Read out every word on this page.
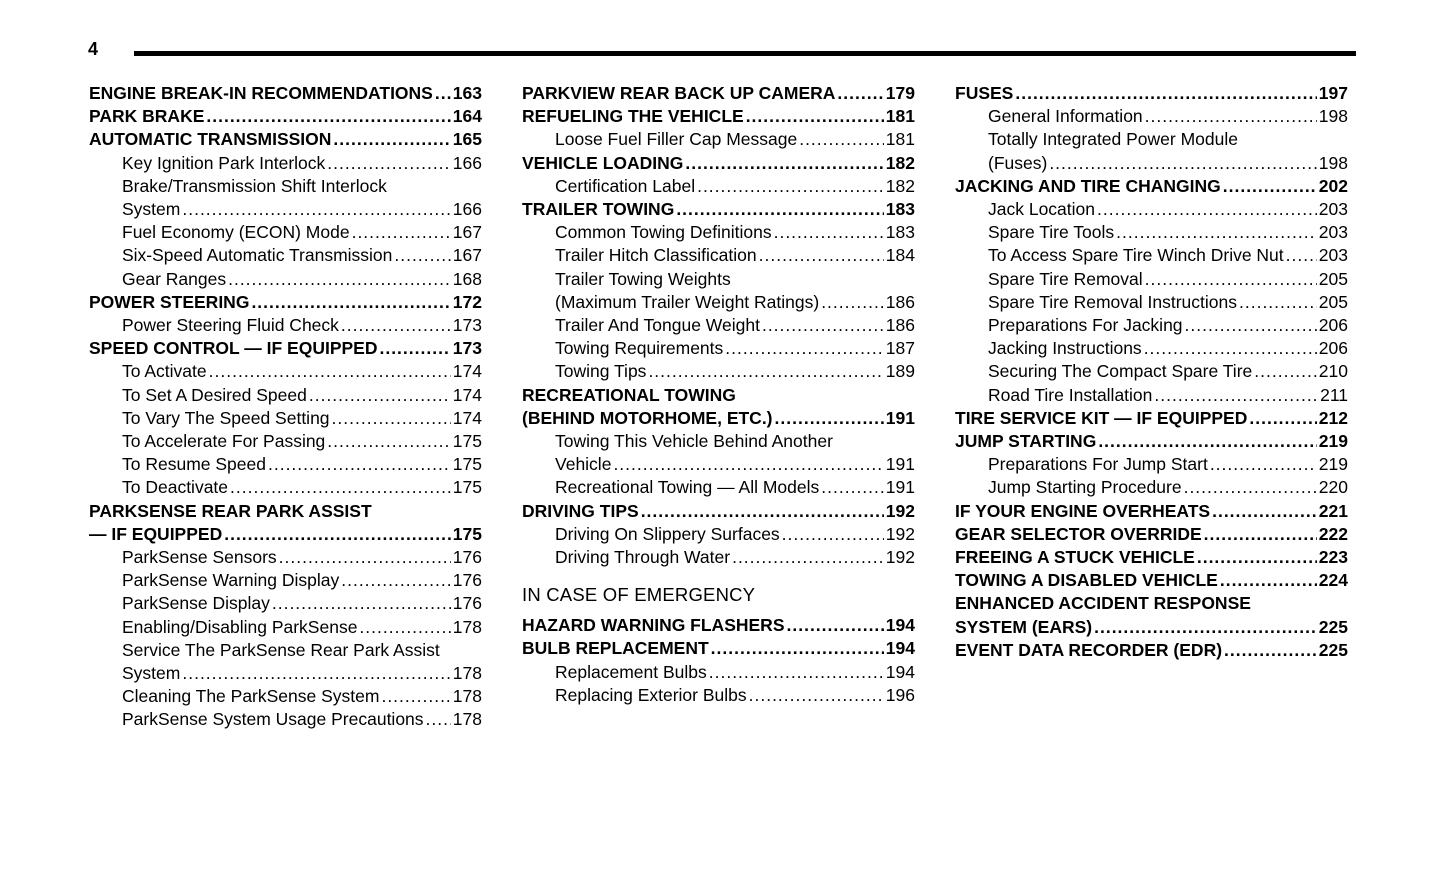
4
ENGINE BREAK-IN RECOMMENDATIONS ..... 163
PARK BRAKE .....	164
AUTOMATIC TRANSMISSION .....	165
Key Ignition Park Interlock .....	166
Brake/Transmission Shift Interlock
System .....	166
Fuel Economy (ECON) Mode .....	167
Six-Speed Automatic Transmission .....	167
Gear Ranges .....	168
POWER STEERING .....	172
Power Steering Fluid Check .....	173
SPEED CONTROL — IF EQUIPPED .....	173
To Activate .....	174
To Set A Desired Speed .....	174
To Vary The Speed Setting .....	174
To Accelerate For Passing .....	175
To Resume Speed .....	175
To Deactivate .....	175
PARKSENSE REAR PARK ASSIST
— IF EQUIPPED .....	175
ParkSense Sensors .....	176
ParkSense Warning Display .....	176
ParkSense Display .....	176
Enabling/Disabling ParkSense .....	178
Service The ParkSense Rear Park Assist
System .....	178
Cleaning The ParkSense System .....	178
ParkSense System Usage Precautions ..... 178
PARKVIEW REAR BACK UP CAMERA .....	179
REFUELING THE VEHICLE .....	181
Loose Fuel Filler Cap Message .....	181
VEHICLE LOADING .....	182
Certification Label .....	182
TRAILER TOWING .....	183
Common Towing Definitions .....	183
Trailer Hitch Classification .....	184
Trailer Towing Weights
(Maximum Trailer Weight Ratings) .....	186
Trailer And Tongue Weight .....	186
Towing Requirements .....	187
Towing Tips .....	189
RECREATIONAL TOWING
(BEHIND MOTORHOME, ETC.) .....	191
Towing This Vehicle Behind Another
Vehicle .....	191
Recreational Towing — All Models .....	191
DRIVING TIPS .....	192
Driving On Slippery Surfaces .....	192
Driving Through Water .....	192
IN CASE OF EMERGENCY
HAZARD WARNING FLASHERS .....	194
BULB REPLACEMENT .....	194
Replacement Bulbs .....	194
Replacing Exterior Bulbs .....	196
FUSES .....	197
General Information .....	198
Totally Integrated Power Module
(Fuses) .....	198
JACKING AND TIRE CHANGING .....	202
Jack Location .....	203
Spare Tire Tools .....	203
To Access Spare Tire Winch Drive Nut ..... 203
Spare Tire Removal .....	205
Spare Tire Removal Instructions .....	205
Preparations For Jacking .....	206
Jacking Instructions .....	206
Securing The Compact Spare Tire .....	210
Road Tire Installation .....	211
TIRE SERVICE KIT — IF EQUIPPED .....	212
JUMP STARTING .....	219
Preparations For Jump Start .....	219
Jump Starting Procedure .....	220
IF YOUR ENGINE OVERHEATS .....	221
GEAR SELECTOR OVERRIDE .....	222
FREEING A STUCK VEHICLE .....	223
TOWING A DISABLED VEHICLE .....	224
ENHANCED ACCIDENT RESPONSE
SYSTEM (EARS) .....	225
EVENT DATA RECORDER (EDR) .....	225
